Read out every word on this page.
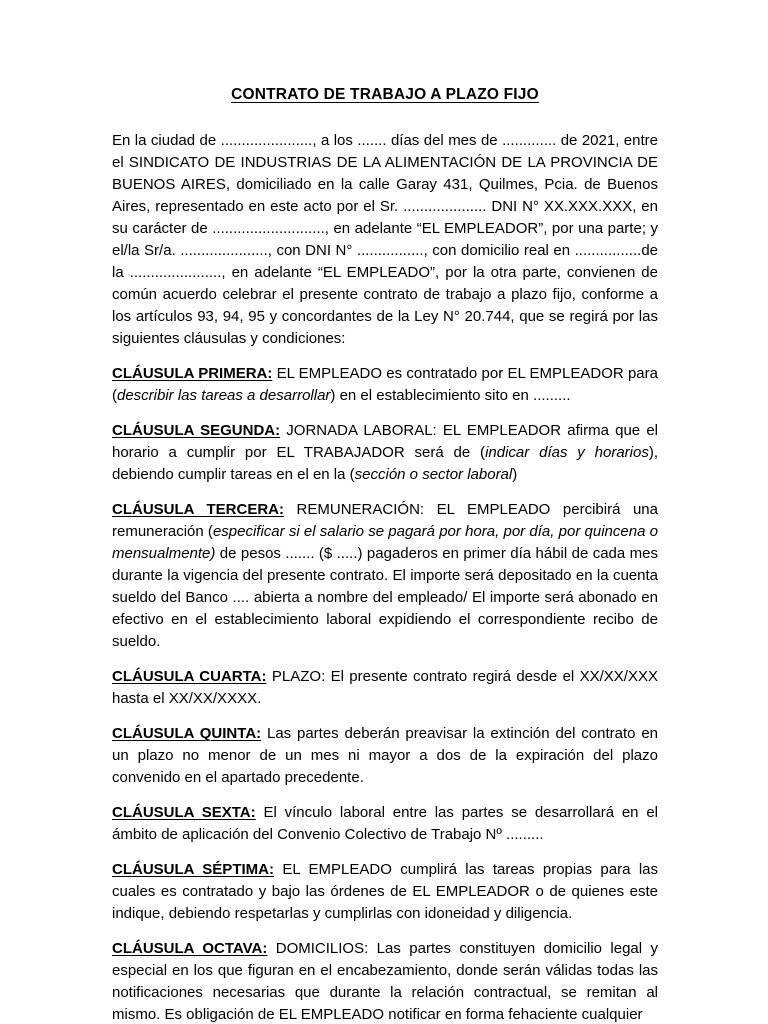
CONTRATO DE TRABAJO A PLAZO FIJO

En la ciudad de ......................, a los ....... días del mes de ............. de 2021, entre el SINDICATO DE INDUSTRIAS DE LA ALIMENTACIÓN DE LA PROVINCIA DE BUENOS AIRES, domiciliado en la calle Garay 431, Quilmes, Pcia. de Buenos Aires, representado en este acto por el Sr. .................... DNI N° XX.XXX.XXX, en su carácter de ..........................., en adelante “EL EMPLEADOR”, por una parte; y el/la Sr/a. ....................., con DNI N° ................, con domicilio real en ................de la ......................, en adelante “EL EMPLEADO”, por la otra parte, convienen de común acuerdo celebrar el presente contrato de trabajo a plazo fijo, conforme a los artículos 93, 94, 95 y concordantes de la Ley N° 20.744, que se regirá por las siguientes cláusulas y condiciones:

CLÁUSULA PRIMERA: EL EMPLEADO es contratado por EL EMPLEADOR para (describir las tareas a desarrollar) en el establecimiento sito en .........

CLÁUSULA SEGUNDA: JORNADA LABORAL: EL EMPLEADOR afirma que el horario a cumplir por EL TRABAJADOR será de (indicar días y horarios), debiendo cumplir tareas en el en la (sección o sector laboral)

CLÁUSULA TERCERA: REMUNERACIÓN: EL EMPLEADO percibirá una remuneración (especificar si el salario se pagará por hora, por día, por quincena o mensualmente) de pesos ....... ($ .....) pagaderos en primer día hábil de cada mes durante la vigencia del presente contrato. El importe será depositado en la cuenta sueldo del Banco .... abierta a nombre del empleado/ El importe será abonado en efectivo en el establecimiento laboral expidiendo el correspondiente recibo de sueldo.

CLÁUSULA CUARTA: PLAZO: El presente contrato regirá desde el XX/XX/XXX hasta el XX/XX/XXXX.

CLÁUSULA QUINTA: Las partes deberán preavisar la extinción del contrato en un plazo no menor de un mes ni mayor a dos de la expiración del plazo convenido en el apartado precedente.

CLÁUSULA SEXTA: El vínculo laboral entre las partes se desarrollará en el ámbito de aplicación del Convenio Colectivo de Trabajo Nº .........

CLÁUSULA SÉPTIMA: EL EMPLEADO cumplirá las tareas propias para las cuales es contratado y bajo las órdenes de EL EMPLEADOR o de quienes este indique, debiendo respetarlas y cumplirlas con idoneidad y diligencia.

CLÁUSULA OCTAVA: DOMICILIOS: Las partes constituyen domicilio legal y especial en los que figuran en el encabezamiento, donde serán válidas todas las notificaciones necesarias que durante la relación contractual, se remitan al mismo. Es obligación de EL EMPLEADO notificar en forma fehaciente cualquier
